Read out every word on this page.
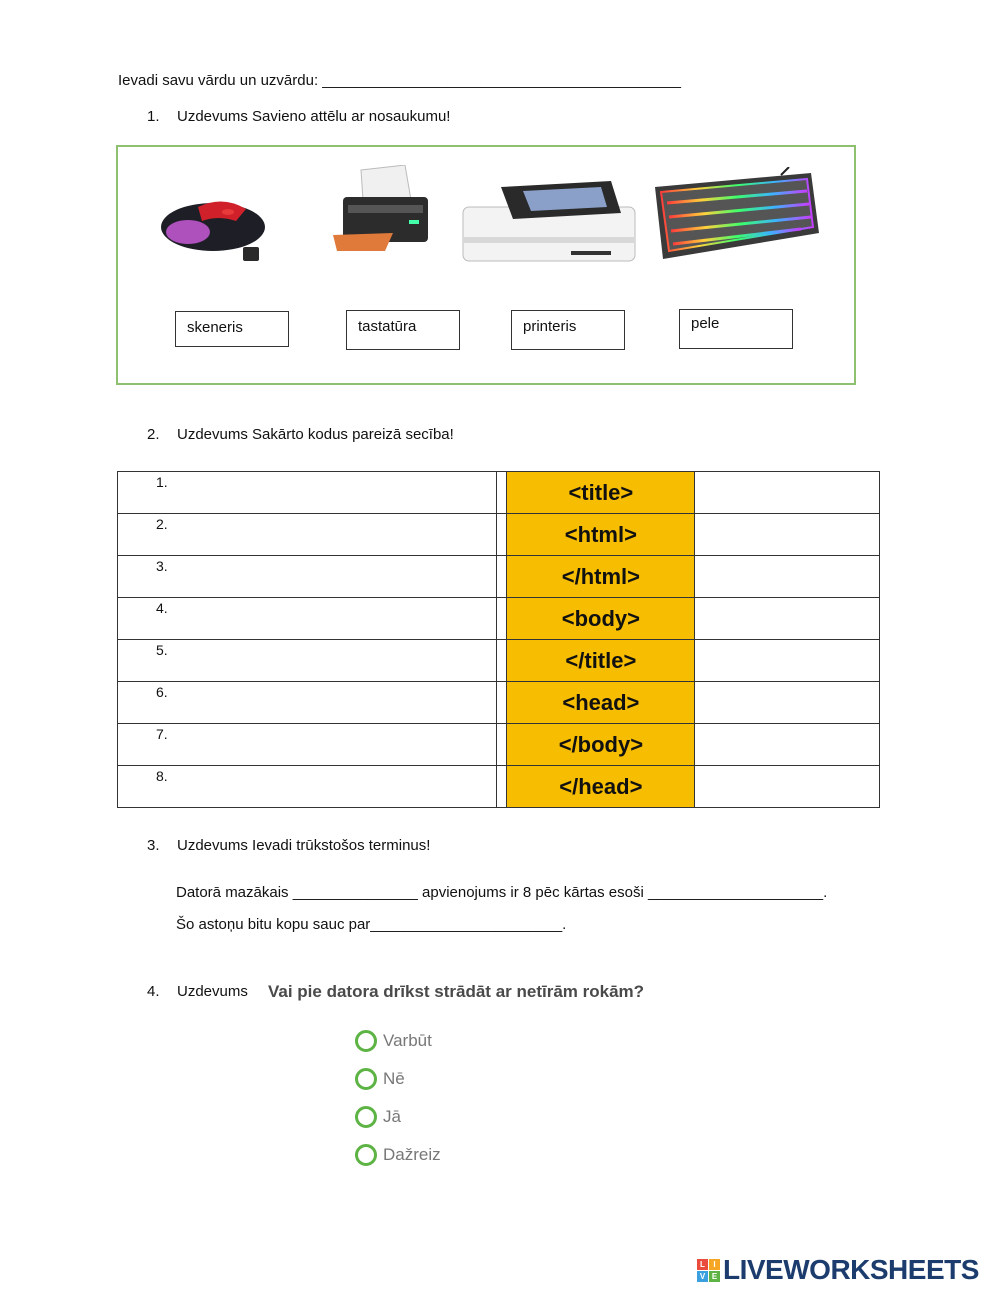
Ievadi savu vārdu un uzvārdu: ___________________________________________
1. Uzdevums Savieno attēlu ar nosaukumu!
skeneris	tastatūra	printeris	pele
2. Uzdevums Sakārto kodus pareizā secība!
1.		<title>	
2.		<html>	
3.		</html>	
4.		<body>	
5.		</title>	
6.		<head>	
7.		</body>	
8.		</head>	
3. Uzdevums Ievadi trūkstošos terminus!
Datorā mazākais _______________ apvienojums ir 8 pēc kārtas esoši _____________________.
Šo astoņu bitu kopu sauc par_______________________.
4. Uzdevums Vai pie datora drīkst strādāt ar netīrām rokām?
Varbūt
Nē
Jā
Dažreiz
L	I
V E LIVEWORKSHEETS
